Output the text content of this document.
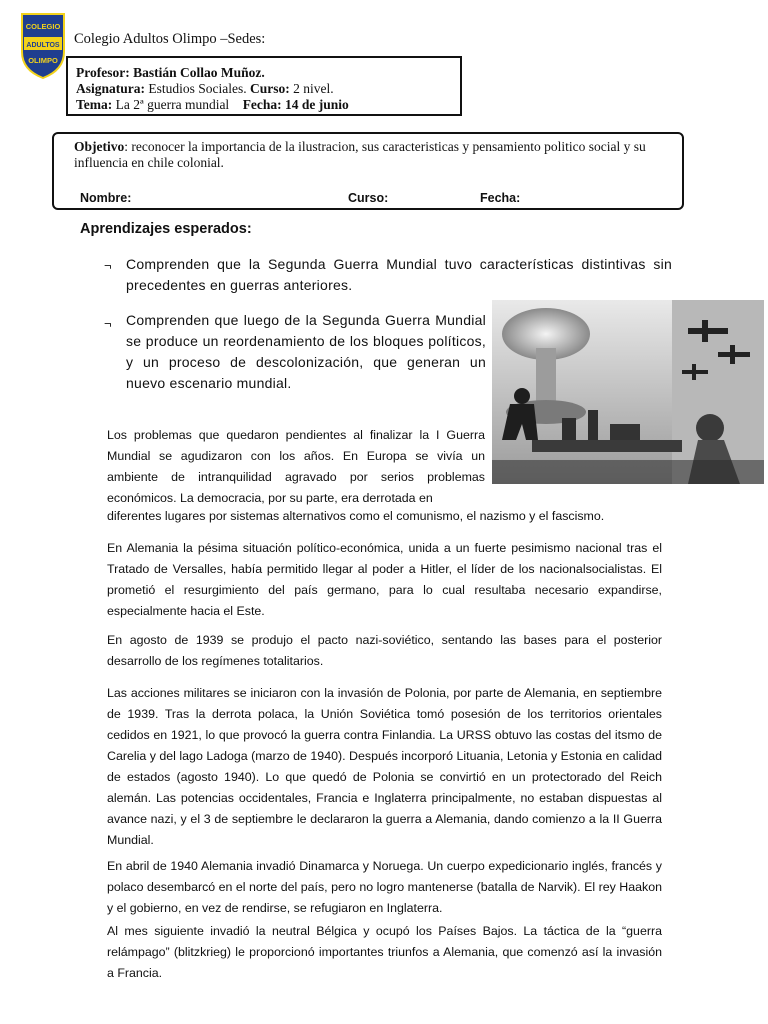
COLEGIO
ADULTOS
OLIMPO
Colegio Adultos Olimpo –Sedes:
Profesor: Bastián Collao Muñoz.
Asignatura: Estudios Sociales. Curso: 2 nivel.
Tema: La 2ª guerra mundial Fecha: 14 de junio
Objetivo: reconocer la importancia de la ilustracion, sus caracteristicas y pensamiento politico social y su influencia en chile colonial.
Nombre:	Curso:	Fecha:
Aprendizajes esperados:
¬ Comprenden que la Segunda Guerra Mundial tuvo características distintivas sin precedentes en guerras anteriores.
¬ Comprenden que luego de la Segunda Guerra Mundial se produce un reordenamiento de los bloques políticos, y un proceso de descolonización, que generan un nuevo escenario mundial.
Los problemas que quedaron pendientes al finalizar la I Guerra Mundial se agudizaron con los años. En Europa se vivía un ambiente de intranquilidad agravado por serios problemas económicos. La democracia, por su parte, era derrotada en
diferentes lugares por sistemas alternativos como el comunismo, el nazismo y el fascismo.
En Alemania la pésima situación político-económica, unida a un fuerte pesimismo nacional tras el Tratado de Versalles, había permitido llegar al poder a Hitler, el líder de los nacionalsocialistas. El prometió el resurgimiento del país germano, para lo cual resultaba necesario expandirse, especialmente hacia el Este.
En agosto de 1939 se produjo el pacto nazi-soviético, sentando las bases para el posterior desarrollo de los regímenes totalitarios.
Las acciones militares se iniciaron con la invasión de Polonia, por parte de Alemania, en septiembre de 1939. Tras la derrota polaca, la Unión Soviética tomó posesión de los territorios orientales cedidos en 1921, lo que provocó la guerra contra Finlandia. La URSS obtuvo las costas del itsmo de Carelia y del lago Ladoga (marzo de 1940). Después incorporó Lituania, Letonia y Estonia en calidad de estados (agosto 1940). Lo que quedó de Polonia se convirtió en un protectorado del Reich alemán. Las potencias occidentales, Francia e Inglaterra principalmente, no estaban dispuestas al avance nazi, y el 3 de septiembre le declararon la guerra a Alemania, dando comienzo a la II Guerra Mundial.
En abril de 1940 Alemania invadió Dinamarca y Noruega. Un cuerpo expedicionario inglés, francés y polaco desembarcó en el norte del país, pero no logro mantenerse (batalla de Narvik). El rey Haakon y el gobierno, en vez de rendirse, se refugiaron en Inglaterra.
Al mes siguiente invadió la neutral Bélgica y ocupó los Países Bajos. La táctica de la “guerra relámpago” (blitzkrieg) le proporcionó importantes triunfos a Alemania, que comenzó así la invasión a Francia.
